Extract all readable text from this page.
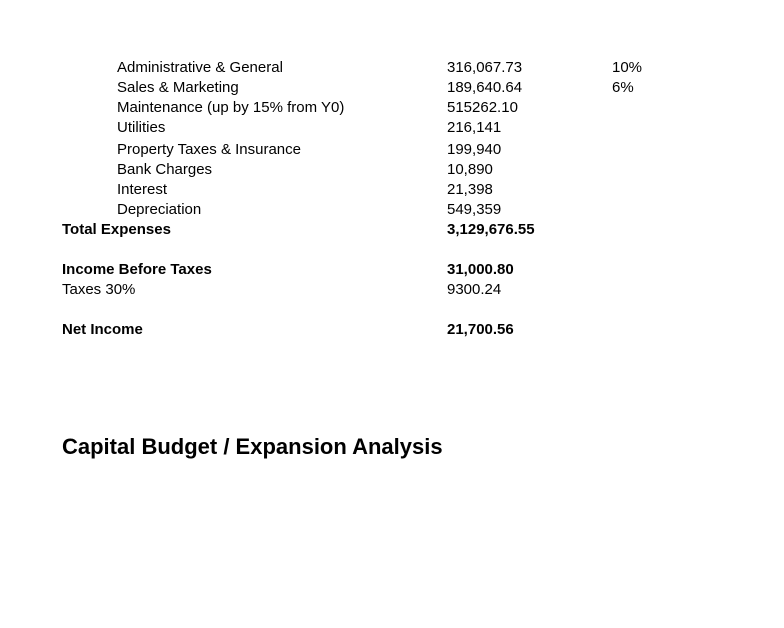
Administrative & General	316,067.73	10%
Sales & Marketing	189,640.64	6%
Maintenance (up by 15% from Y0)	515262.10
Utilities	216,141
Property Taxes & Insurance	199,940
Bank Charges	10,890
Interest	21,398
Depreciation	549,359
Total Expenses	3,129,676.55
Income Before Taxes	31,000.80
Taxes 30%	9300.24
Net Income	21,700.56
Capital Budget / Expansion Analysis
